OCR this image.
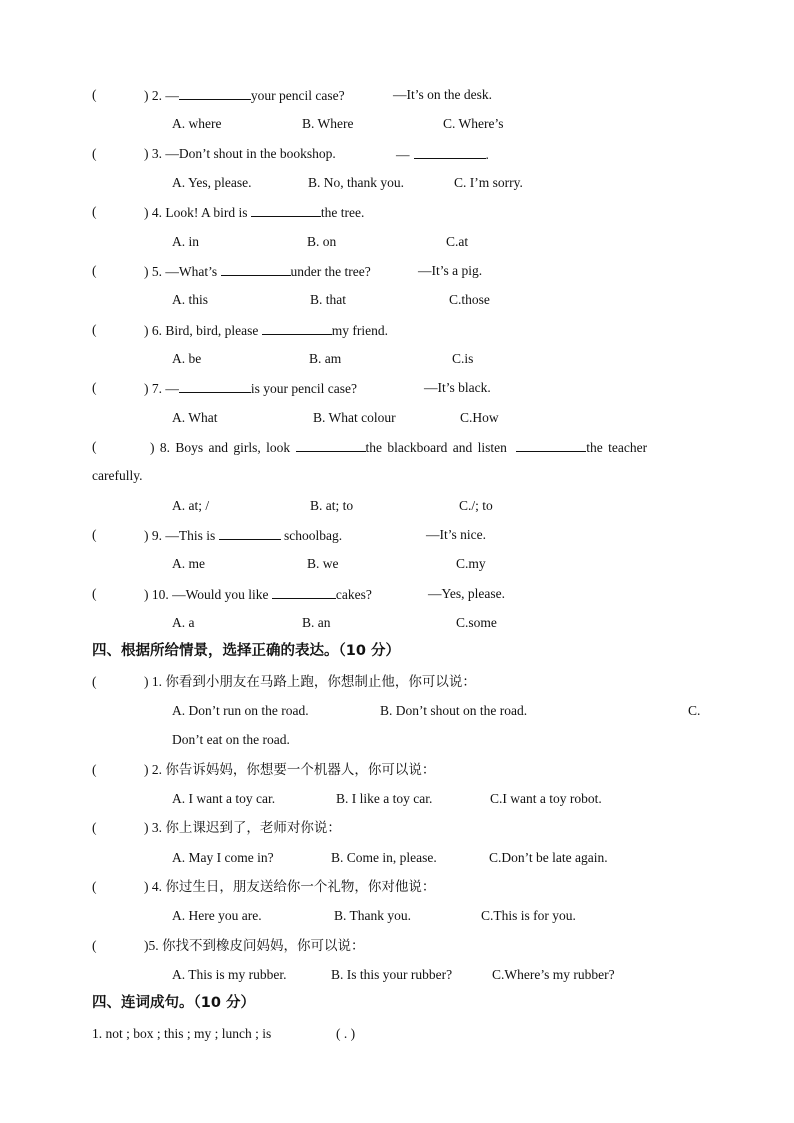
(	) 2. —	your pencil case?	—It’s on the desk.
A. where	B. Where	C. Where’s
(	) 3. —Don’t shout in the bookshop.	—	.
A. Yes, please.	B. No, thank you.	C. I’m sorry.
(	) 4. Look! A bird is	the tree.
A. in	B. on	C.at
(	) 5. —What’s	under the tree?	—It’s a pig.
A. this	B. that	C.those
(	) 6. Bird, bird, please	my friend.
A. be	B. am	C.is
(	) 7. —	is your pencil case?	—It’s black.
A. What	B. What colour	C.How
(	) 8. Boys and girls, look	the blackboard and listen	the teacher
carefully.
A. at; /	B. at; to	C./; to
(	) 9. —This is	schoolbag.	—It’s nice.
A. me	B. we	C.my
(	) 10. —Would you like	cakes?	—Yes, please.
A. a	B. an	C.some
四、根据所给情景，选择正确的表达。（10 分）
(	) 1. 你看到小朋友在马路上跑，你想制止他，你可以说：
A. Don’t run on the road.	B. Don’t shout on the road.	C.
Don’t eat on the road.
(	) 2. 你告诉妈妈，你想要一个机器人，你可以说：
A. I want a toy car.	B. I like a toy car.	C.I want a toy robot.
(	) 3. 你上课迟到了，老师对你说：
A. May I come in?	B. Come in, please.	C.Don’t be late again.
(	) 4. 你过生日，朋友送给你一个礼物，你对他说：
A. Here you are.	B. Thank you.	C.This is for you.
(	)5. 你找不到橡皮问妈妈，你可以说：
A. This is my rubber.	B. Is this your rubber?	C.Where’s my rubber?
四、连词成句。（10 分）
1. not ; box ; this ; my ; lunch ; is	( . )
